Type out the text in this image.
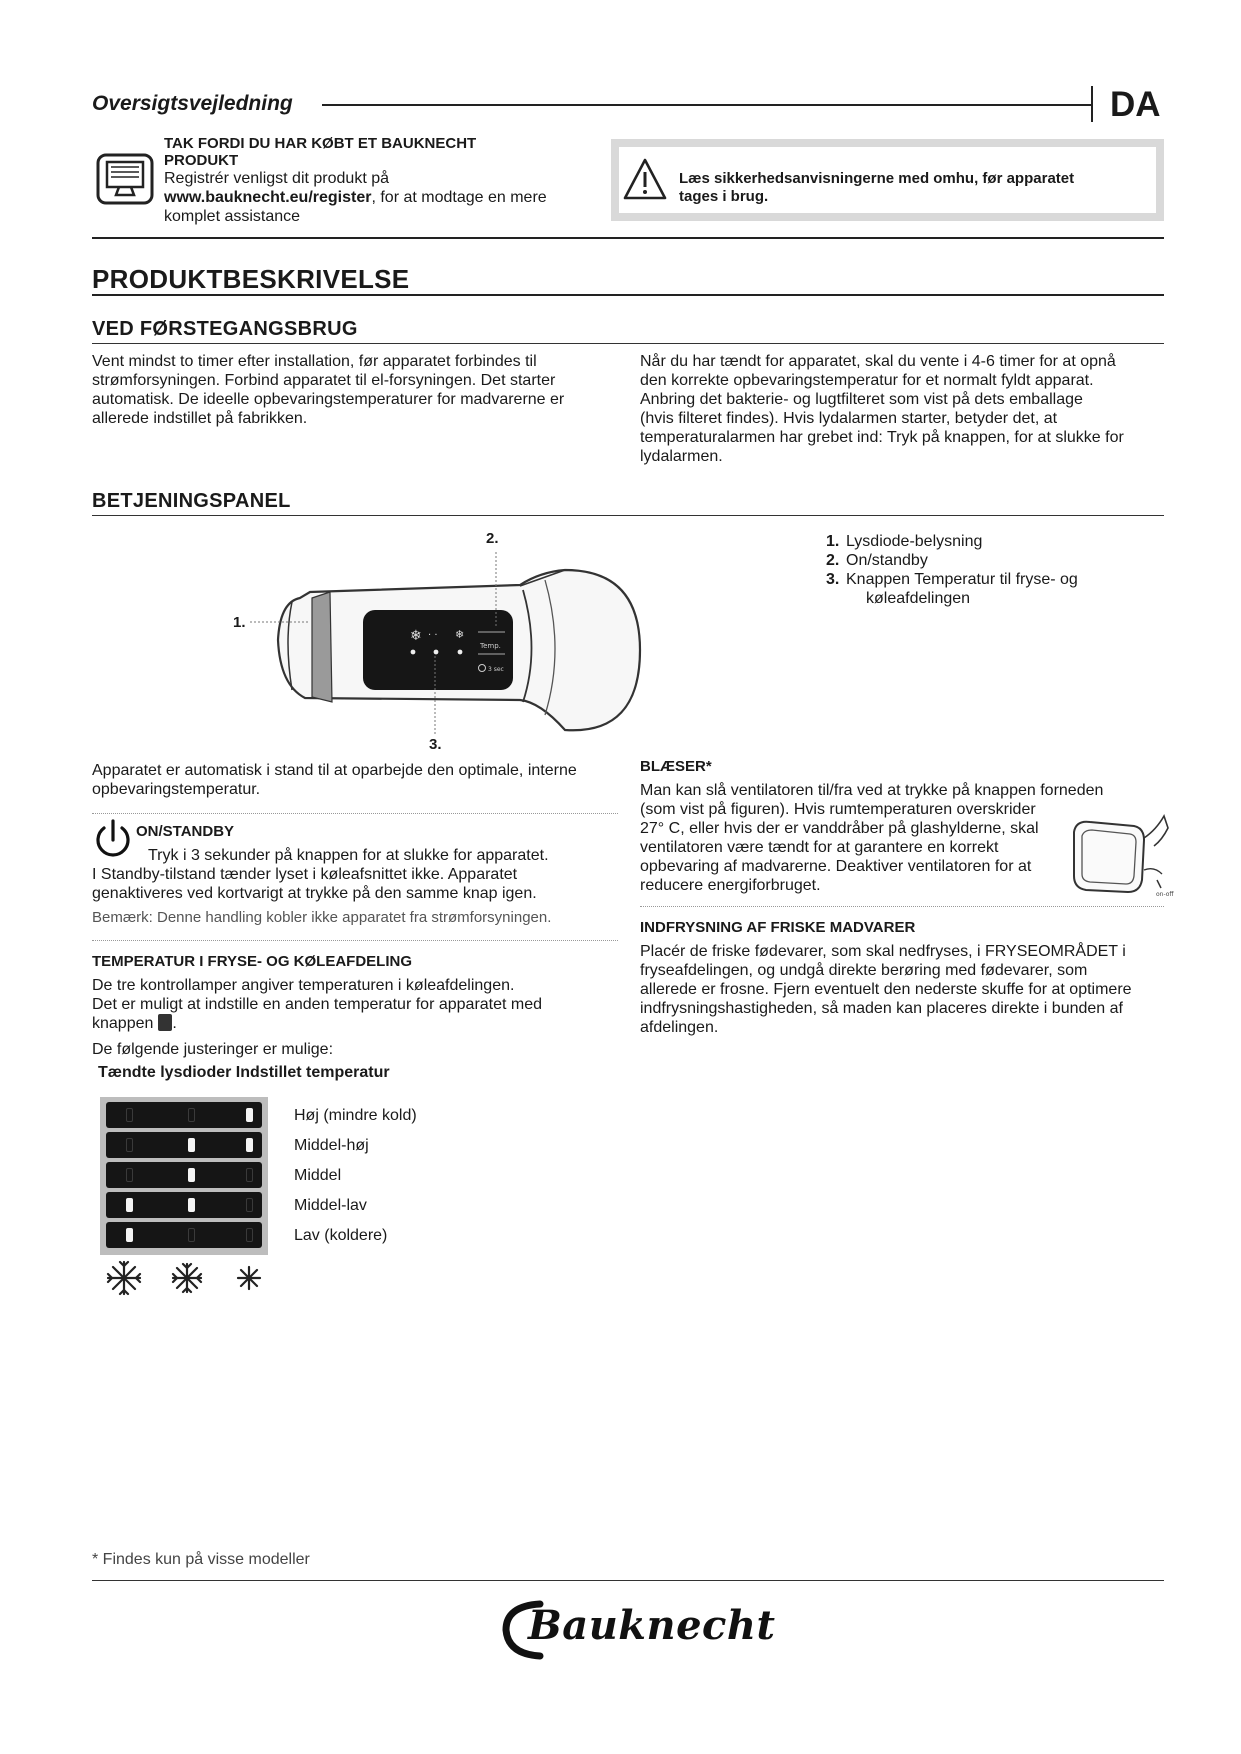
Oversigtsvejledning	DA
TAK FORDI DU HAR KØBT ET BAUKNECHT
PRODUKT
Registrér venligst dit produkt på
www.bauknecht.eu/register, for at modtage en mere
komplet assistance
Læs sikkerhedsanvisningerne med omhu, før apparatet
tages i brug.
PRODUKTBESKRIVELSE
VED FØRSTEGANGSBRUG
Vent mindst to timer efter installation, før apparatet forbindes til
strømforsyningen. Forbind apparatet til el-forsyningen. Det starter
automatisk. De ideelle opbevaringstemperaturer for madvarerne er
allerede indstillet på fabrikken.
Når du har tændt for apparatet, skal du vente i 4-6 timer for at opnå
den korrekte opbevaringstemperatur for et normalt fyldt apparat.
Anbring det bakterie- og lugtfilteret som vist på dets emballage
(hvis filteret findes). Hvis lydalarmen starter, betyder det, at
temperaturalarmen har grebet ind: Tryk på knappen, for at slukke for
lydalarmen.
BETJENINGSPANEL
❄ · · ❄
Temp.
3 sec
2.
1.
3.
1. Lysdiode-belysning
2. On/standby
3. Knappen Temperatur til fryse- og
køleafdelingen
Apparatet er automatisk i stand til at oparbejde den optimale, interne
opbevaringstemperatur.
ON/STANDBY
Tryk i 3 sekunder på knappen for at slukke for apparatet.
I Standby-tilstand tænder lyset i køleafsnittet ikke. Apparatet
genaktiveres ved kortvarigt at trykke på den samme knap igen.
Bemærk: Denne handling kobler ikke apparatet fra strømforsyningen.
TEMPERATUR I FRYSE- OG KØLEAFDELING
De tre kontrollamper angiver temperaturen i køleafdelingen.
Det er muligt at indstille en anden temperatur for apparatet med
knappen .
De følgende justeringer er mulige:
Tændte lysdioder Indstillet temperatur
BLÆSER*
Man kan slå ventilatoren til/fra ved at trykke på knappen forneden
(som vist på figuren). Hvis rumtemperaturen overskrider
27° C, eller hvis der er vanddråber på glashylderne, skal
ventilatoren være tændt for at garantere en korrekt
opbevaring af madvarerne. Deaktiver ventilatoren for at
reducere energiforbruget.
on-off
INDFRYSNING AF FRISKE MADVARER
Placér de friske fødevarer, som skal nedfryses, i FRYSEOMRÅDET i
fryseafdelingen, og undgå direkte berøring med fødevarer, som
allerede er frosne. Fjern eventuelt den nederste skuffe for at optimere
indfrysningshastigheden, så maden kan placeres direkte i bunden af
afdelingen.
* Findes kun på visse modeller
Bauknecht
Høj (mindre kold)
Middel-høj
Middel
Middel-lav
Lav (koldere)
